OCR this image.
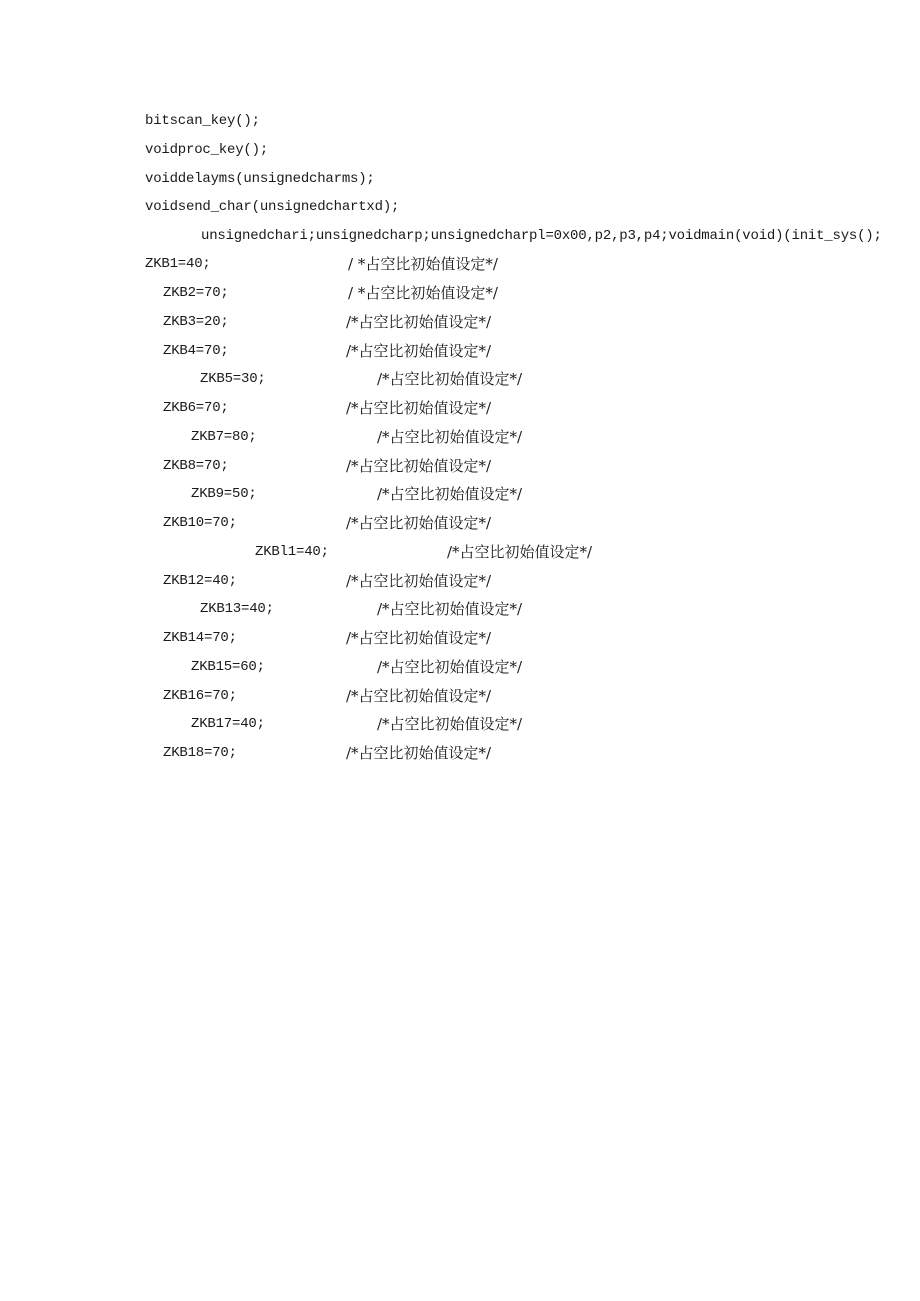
bitscan_key();
voidproc_key();
voiddelayms(unsignedcharms);
voidsend_char(unsignedchartxd);
unsignedchari;unsignedcharp;unsignedcharpl=0x00,p2,p3,p4;voidmain(void)(init_sys();
ZKB1=40;	/ *占空比初始值设定*/
ZKB2=70;	/ *占空比初始值设定*/
ZKB3=20;	/*占空比初始值设定*/
ZKB4=70;	/*占空比初始值设定*/
ZKB5=30;	/*占空比初始值设定*/
ZKB6=70;	/*占空比初始值设定*/
ZKB7=80;	/*占空比初始值设定*/
ZKB8=70;	/*占空比初始值设定*/
ZKB9=50;	/*占空比初始值设定*/
ZKB10=70;	/*占空比初始值设定*/
ZKBl1=40;	/*占空比初始值设定*/
ZKB12=40;	/*占空比初始值设定*/
ZKB13=40;	/*占空比初始值设定*/
ZKB14=70;	/*占空比初始值设定*/
ZKB15=60;	/*占空比初始值设定*/
ZKB16=70;	/*占空比初始值设定*/
ZKB17=40;	/*占空比初始值设定*/
ZKB18=70;	/*占空比初始值设定*/
